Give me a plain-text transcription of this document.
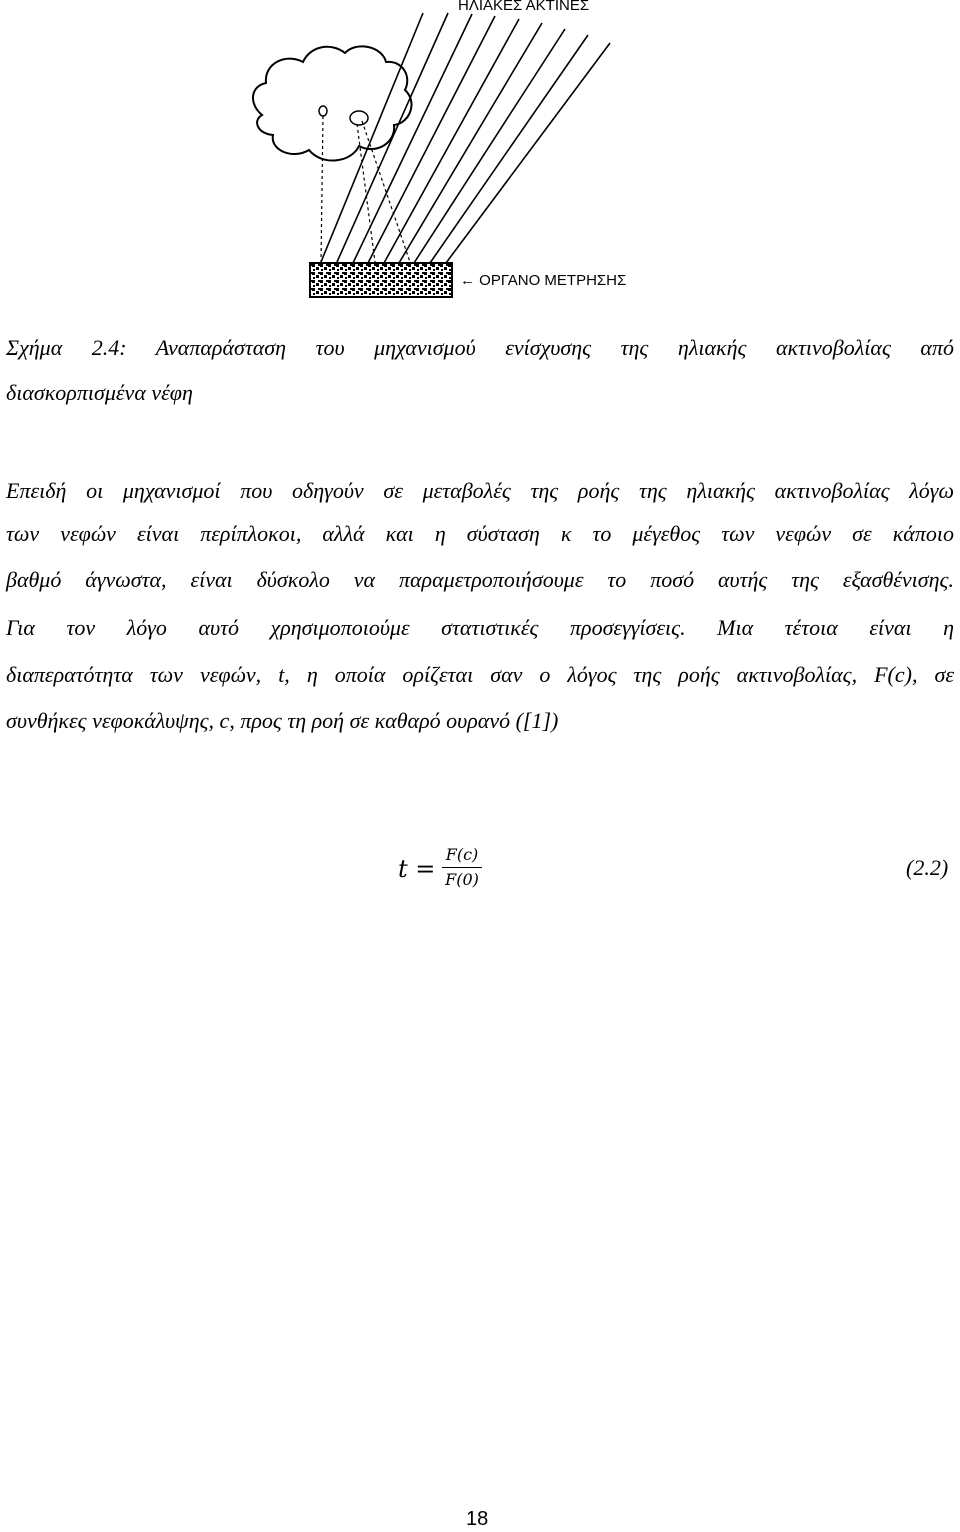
ΗΛΙΑΚΕΣ ΑΚΤΙΝΕΣ
← ΟΡΓΑΝΟ ΜΕΤΡΗΣΗΣ
Σχήμα 2.4: Αναπαράσταση του μηχανισμού ενίσχυσης της ηλιακής ακτινοβολίας από
διασκορπισμένα νέφη
Επειδή οι μηχανισμοί που οδηγούν σε μεταβολές της ροής της ηλιακής ακτινοβολίας λόγω
των νεφών είναι περίπλοκοι, αλλά και η σύσταση κ το μέγεθος των νεφών σε κάποιο
βαθμό άγνωστα, είναι δύσκολο να παραμετροποιήσουμε το ποσό αυτής της εξασθένισης.
Για τον λόγο αυτό χρησιμοποιούμε στατιστικές προσεγγίσεις. Μια τέτοια είναι η
διαπερατότητα των νεφών, t, η οποία ορίζεται σαν ο λόγος της ροής ακτινοβολίας, F(c), σε
συνθήκες νεφοκάλυψης, c, προς τη ροή σε καθαρό ουρανό ([1])
t =
F(c)
F(0)	(2.2)
18
